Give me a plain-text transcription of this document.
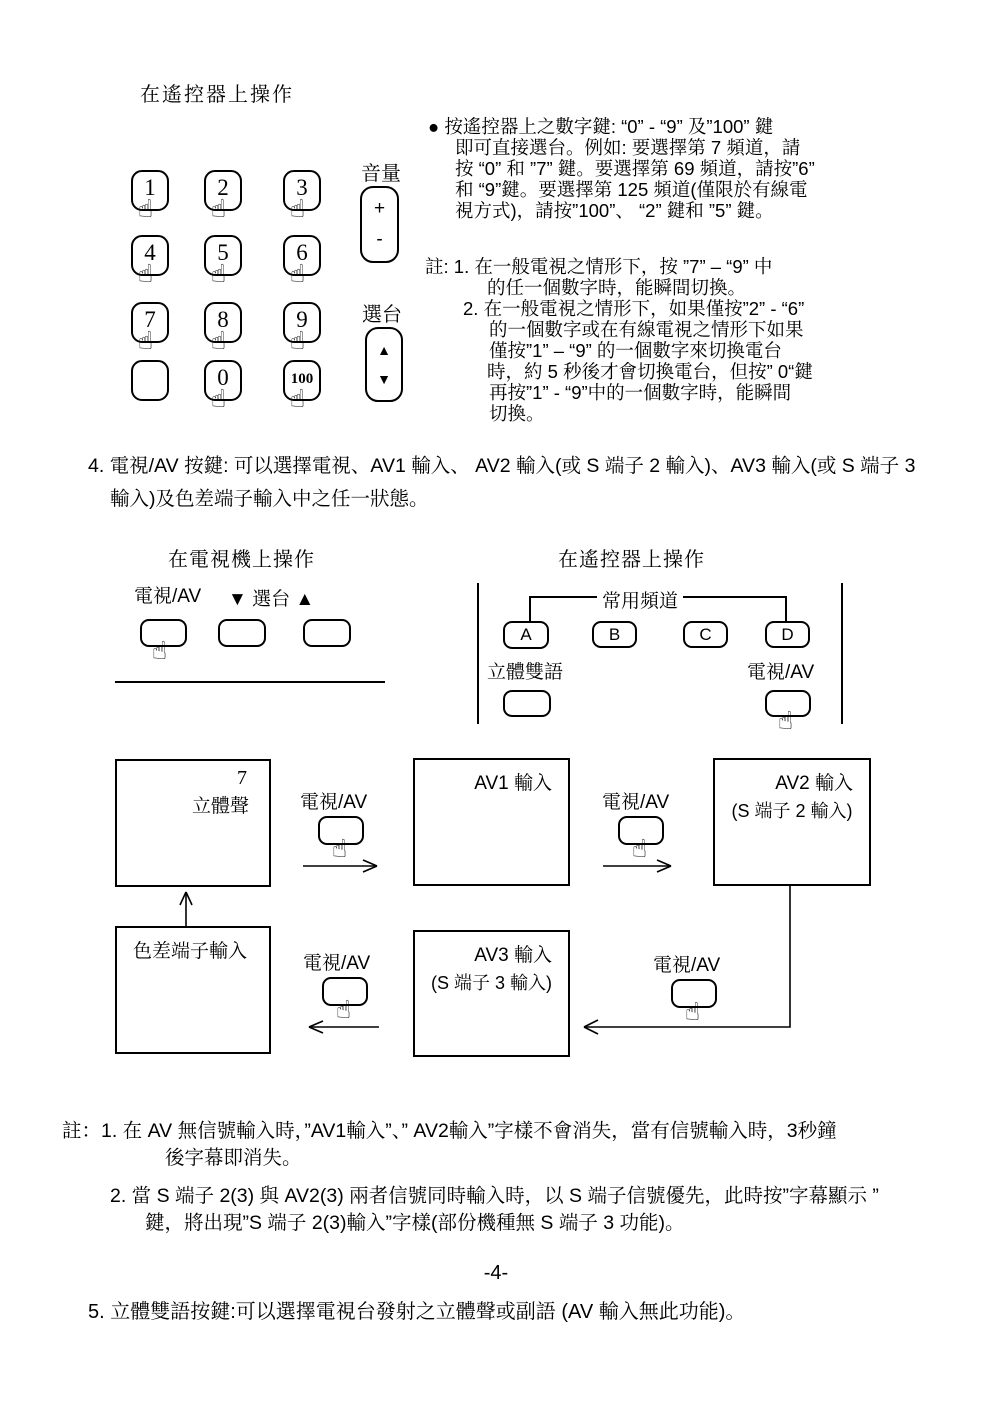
在遙控器上操作
● 按遙控器上之數字鍵: “0” - “9” 及”100” 鍵
即可直接選台。例如: 要選擇第 7 頻道，請
按 “0” 和 ”7” 鍵。要選擇第 69 頻道，請按”6”
和 “9”鍵。要選擇第 125 頻道(僅限於有線電
視方式)，請按”100”、 “2” 鍵和 ”5” 鍵。
註: 1. 在一般電視之情形下，按 ”7” – “9” 中
的任一個數字時，能瞬間切換。
2. 在一般電視之情形下，如果僅按”2” - “6”
的一個數字或在有線電視之情形下如果
僅按”1” – “9” 的一個數字來切換電台
時，約 5 秒後才會切換電台，但按” 0“鍵
再按”1” - “9”中的一個數字時，能瞬間
切換。
1	2	3
4	5	6
7	8	9
0	100
☝ ☝	☝
☝ ☝	☝
☝ ☝	☝
☝	☝
音量
+
-
選台
▲
▼
4. 電視/AV 按鍵: 可以選擇電視、AV1 輸入、 AV2 輸入(或 S 端子 2 輸入)、AV3 輸入(或 S 端子 3
輸入)及色差端子輸入中之任一狀態。
在電視機上操作
電視/AV ▼ 選台 ▲
☝
在遙控器上操作
常用頻道
A	B	C	D
立體雙語	電視/AV
☝
7
立體聲
AV1 輸入	AV2 輸入
(S 端子 2 輸入)
色差端子輸入	AV3 輸入
(S 端子 3 輸入)
電視/AV
☝
電視/AV
☝
電視/AV
☝
電視/AV
☝
註：1. 在 AV 無信號輸入時，”AV1輸入”、” AV2輸入”字樣不會消失，當有信號輸入時，3秒鐘
後字幕即消失。
2. 當 S 端子 2(3) 與 AV2(3) 兩者信號同時輸入時，以 S 端子信號優先，此時按”字幕顯示 ”
鍵，將出現”S 端子 2(3)輸入”字樣(部份機種無 S 端子 3 功能)。
-4-
5. 立體雙語按鍵:可以選擇電視台發射之立體聲或副語 (AV 輸入無此功能)。
